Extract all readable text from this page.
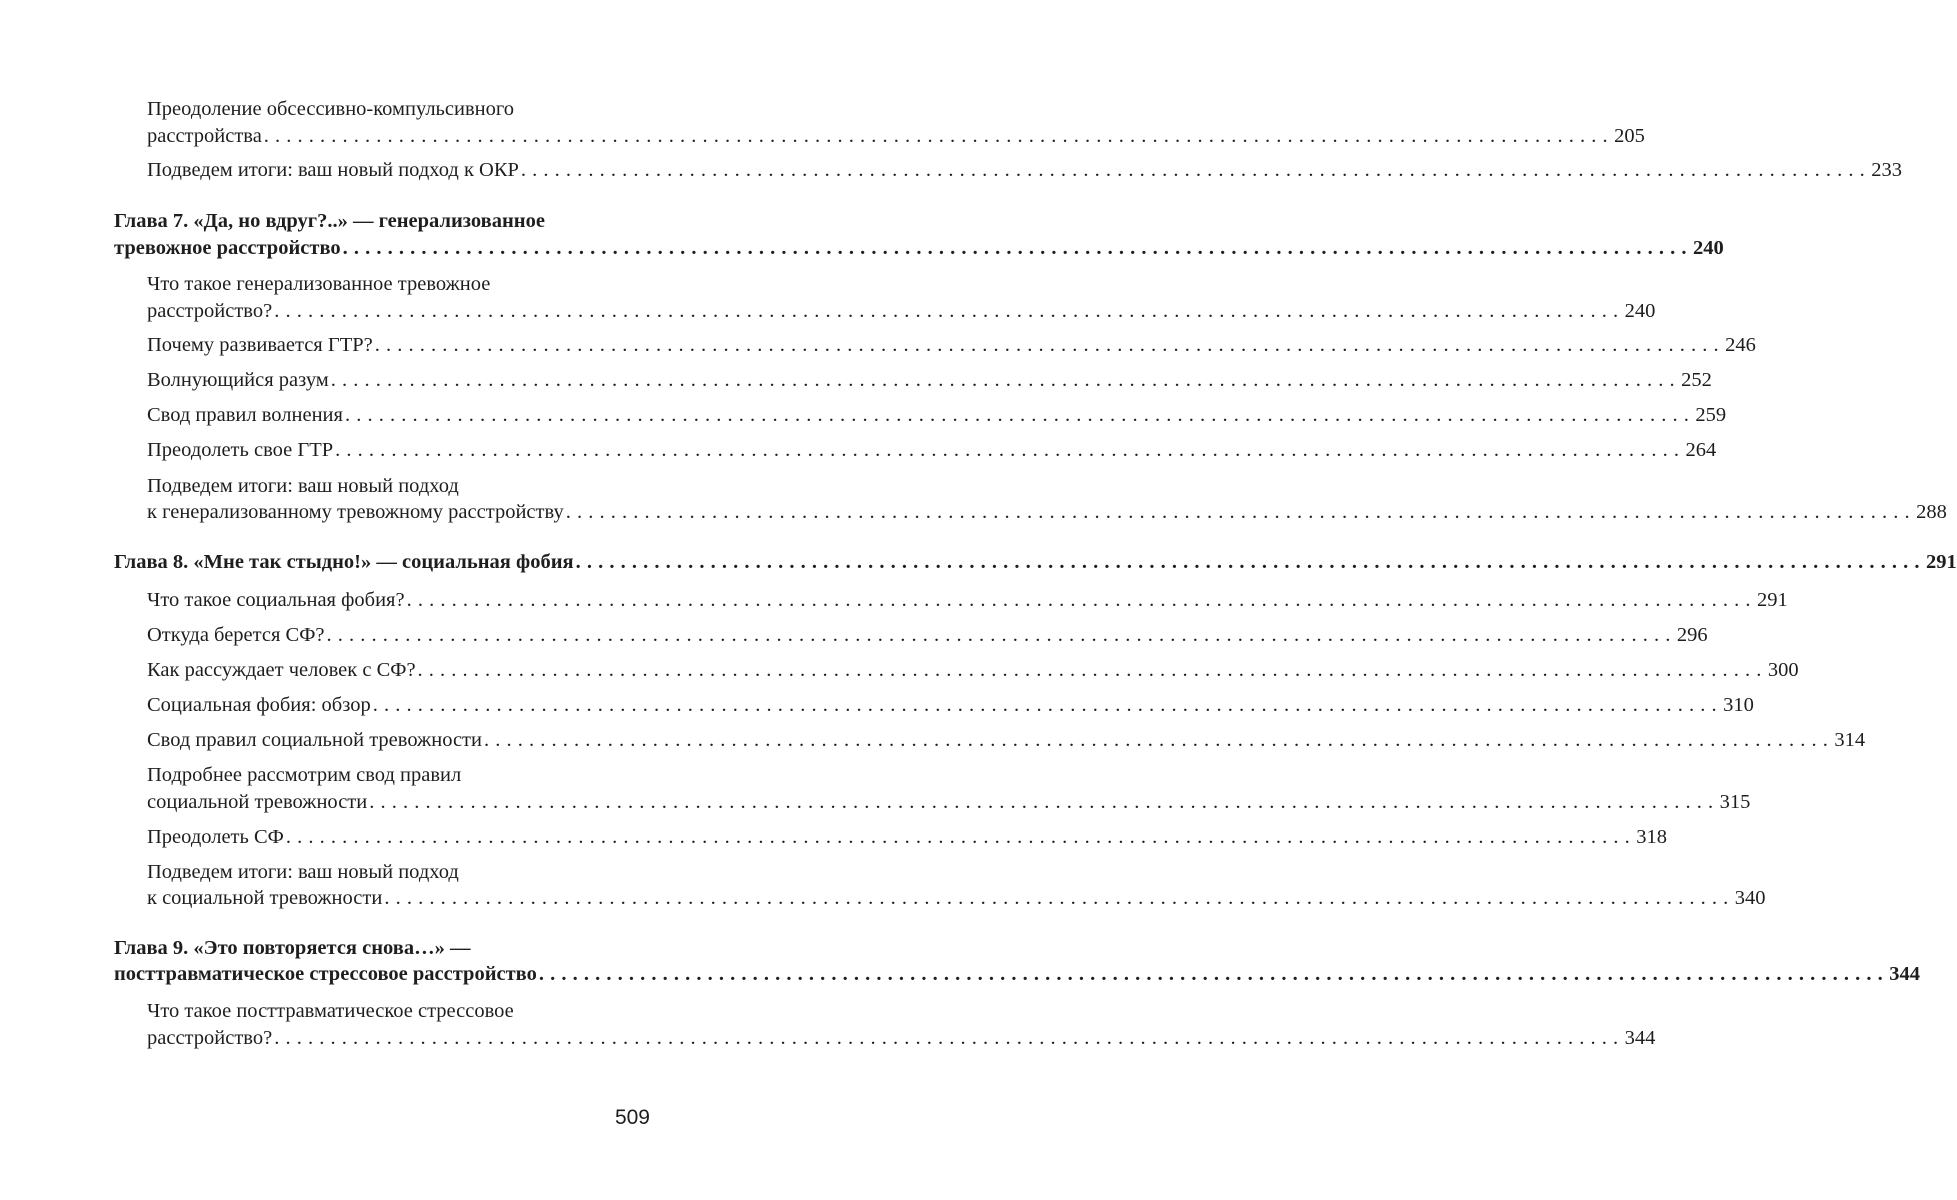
Преодоление обсессивно-компульсивного
расстройства . . . . . . . . . . . . . . . . . . . . . . . . . . . . . . . . . . . . . . . . . . . . . . . . . . . . . . . . . . . . . . . . . . . . . . . . . . . . . . . . . . . . . . . . . . . . . . . . . . . . . . . . . . . . . . . . . . . . . . . . 205
Подведем итоги: ваш новый подход к ОКР . . . . . . . . . . . . . . . . . . . . . . . . . . . . . . . . . . . . . . . . . . . . . . . . . . . . . . . . . . . . . . . . . . . . . . . . . . . . . . . . . . . . . . . . . . . . . . . . . . . . . . . . . . . . . . . . . . . . . . . . 233
Глава 7. «Да, но вдруг?..» — генерализованное
тревожное расстройство . . . . . . . . . . . . . . . . . . . . . . . . . . . . . . . . . . . . . . . . . . . . . . . . . . . . . . . . . . . . . . . . . . . . . . . . . . . . . . . . . . . . . . . . . . . . . . . . . . . . . . . . . . . . . . . . . . . . . . . . 240
Что такое генерализованное тревожное
расстройство? . . . . . . . . . . . . . . . . . . . . . . . . . . . . . . . . . . . . . . . . . . . . . . . . . . . . . . . . . . . . . . . . . . . . . . . . . . . . . . . . . . . . . . . . . . . . . . . . . . . . . . . . . . . . . . . . . . . . . . . . 240
Почему развивается ГТР? . . . . . . . . . . . . . . . . . . . . . . . . . . . . . . . . . . . . . . . . . . . . . . . . . . . . . . . . . . . . . . . . . . . . . . . . . . . . . . . . . . . . . . . . . . . . . . . . . . . . . . . . . . . . . . . . . . . . . . . . 246
Волнующийся разум . . . . . . . . . . . . . . . . . . . . . . . . . . . . . . . . . . . . . . . . . . . . . . . . . . . . . . . . . . . . . . . . . . . . . . . . . . . . . . . . . . . . . . . . . . . . . . . . . . . . . . . . . . . . . . . . . . . . . . . . 252
Свод правил волнения . . . . . . . . . . . . . . . . . . . . . . . . . . . . . . . . . . . . . . . . . . . . . . . . . . . . . . . . . . . . . . . . . . . . . . . . . . . . . . . . . . . . . . . . . . . . . . . . . . . . . . . . . . . . . . . . . . . . . . . . 259
Преодолеть свое ГТР . . . . . . . . . . . . . . . . . . . . . . . . . . . . . . . . . . . . . . . . . . . . . . . . . . . . . . . . . . . . . . . . . . . . . . . . . . . . . . . . . . . . . . . . . . . . . . . . . . . . . . . . . . . . . . . . . . . . . . . . 264
Подведем итоги: ваш новый подход
к генерализованному тревожному расстройству . . . . . . . . . . . . . . . . . . . . . . . . . . . . . . . . . . . . . . . . . . . . . . . . . . . . . . . . . . . . . . . . . . . . . . . . . . . . . . . . . . . . . . . . . . . . . . . . . . . . . . . . . . . . . . . . . . . . . . . . 288
Глава 8. «Мне так стыдно!» — социальная фобия . . . . . . . . . . . . . . . . . . . . . . . . . . . . . . . . . . . . . . . . . . . . . . . . . . . . . . . . . . . . . . . . . . . . . . . . . . . . . . . . . . . . . . . . . . . . . . . . . . . . . . . . . . . . . . . . . . . . . . . . 291
Что такое социальная фобия? . . . . . . . . . . . . . . . . . . . . . . . . . . . . . . . . . . . . . . . . . . . . . . . . . . . . . . . . . . . . . . . . . . . . . . . . . . . . . . . . . . . . . . . . . . . . . . . . . . . . . . . . . . . . . . . . . . . . . . . . 291
Откуда берется СФ? . . . . . . . . . . . . . . . . . . . . . . . . . . . . . . . . . . . . . . . . . . . . . . . . . . . . . . . . . . . . . . . . . . . . . . . . . . . . . . . . . . . . . . . . . . . . . . . . . . . . . . . . . . . . . . . . . . . . . . . . 296
Как рассуждает человек с СФ? . . . . . . . . . . . . . . . . . . . . . . . . . . . . . . . . . . . . . . . . . . . . . . . . . . . . . . . . . . . . . . . . . . . . . . . . . . . . . . . . . . . . . . . . . . . . . . . . . . . . . . . . . . . . . . . . . . . . . . . . 300
Социальная фобия: обзор . . . . . . . . . . . . . . . . . . . . . . . . . . . . . . . . . . . . . . . . . . . . . . . . . . . . . . . . . . . . . . . . . . . . . . . . . . . . . . . . . . . . . . . . . . . . . . . . . . . . . . . . . . . . . . . . . . . . . . . . 310
Свод правил социальной тревожности . . . . . . . . . . . . . . . . . . . . . . . . . . . . . . . . . . . . . . . . . . . . . . . . . . . . . . . . . . . . . . . . . . . . . . . . . . . . . . . . . . . . . . . . . . . . . . . . . . . . . . . . . . . . . . . . . . . . . . . . 314
Подробнее рассмотрим свод правил
социальной тревожности . . . . . . . . . . . . . . . . . . . . . . . . . . . . . . . . . . . . . . . . . . . . . . . . . . . . . . . . . . . . . . . . . . . . . . . . . . . . . . . . . . . . . . . . . . . . . . . . . . . . . . . . . . . . . . . . . . . . . . . . 315
Преодолеть СФ . . . . . . . . . . . . . . . . . . . . . . . . . . . . . . . . . . . . . . . . . . . . . . . . . . . . . . . . . . . . . . . . . . . . . . . . . . . . . . . . . . . . . . . . . . . . . . . . . . . . . . . . . . . . . . . . . . . . . . . . 318
Подведем итоги: ваш новый подход
к социальной тревожности . . . . . . . . . . . . . . . . . . . . . . . . . . . . . . . . . . . . . . . . . . . . . . . . . . . . . . . . . . . . . . . . . . . . . . . . . . . . . . . . . . . . . . . . . . . . . . . . . . . . . . . . . . . . . . . . . . . . . . . . 340
Глава 9. «Это повторяется снова…» —
посттравматическое стрессовое расстройство . . . . . . . . . . . . . . . . . . . . . . . . . . . . . . . . . . . . . . . . . . . . . . . . . . . . . . . . . . . . . . . . . . . . . . . . . . . . . . . . . . . . . . . . . . . . . . . . . . . . . . . . . . . . . . . . . . . . . . . . 344
Что такое посттравматическое стрессовое
расстройство? . . . . . . . . . . . . . . . . . . . . . . . . . . . . . . . . . . . . . . . . . . . . . . . . . . . . . . . . . . . . . . . . . . . . . . . . . . . . . . . . . . . . . . . . . . . . . . . . . . . . . . . . . . . . . . . . . . . . . . . . 344
509
